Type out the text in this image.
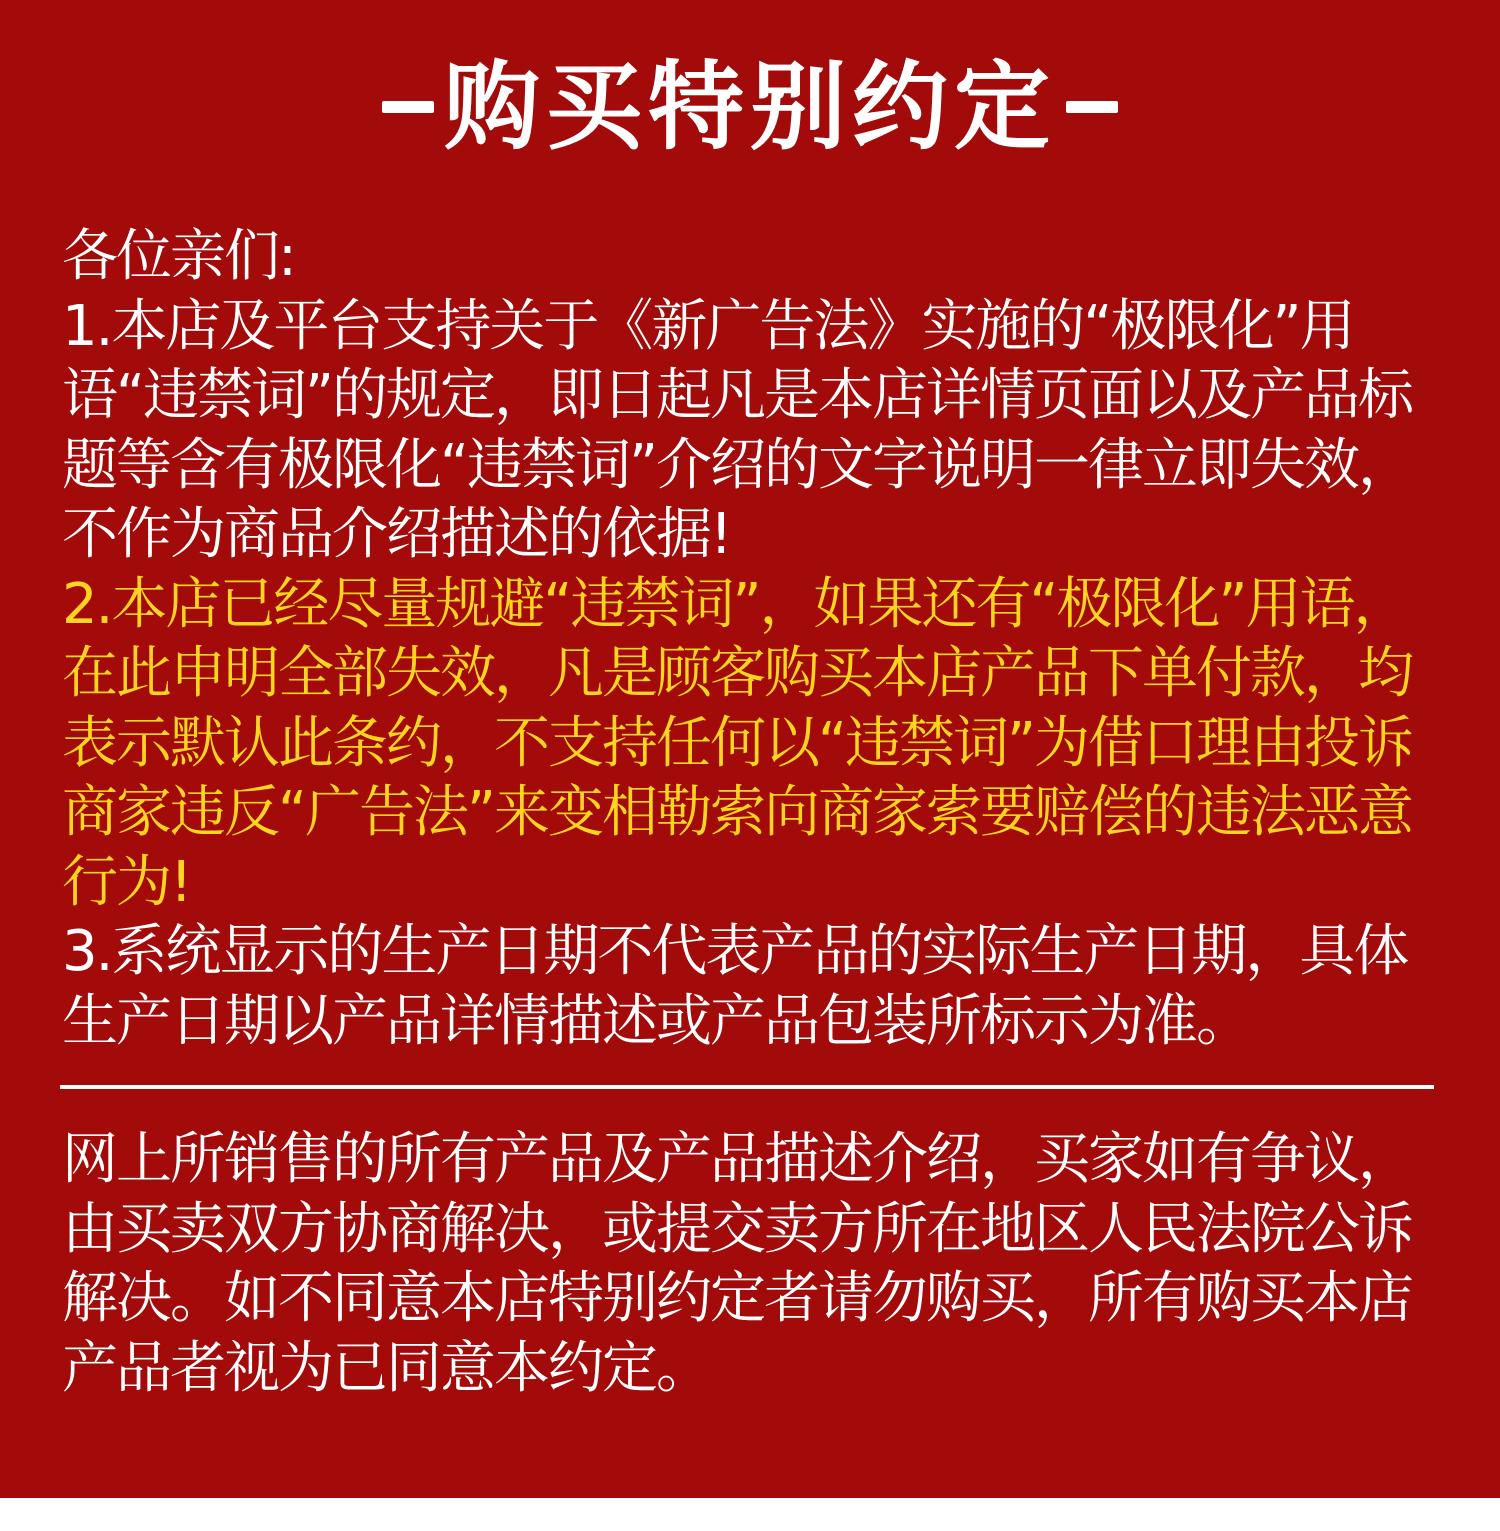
购买特别约定

各位亲们:

1.本店及平台支持关于《新广告法》实施的“极限化”用语“违禁词”的规定，即日起凡是本店详情页面以及产品标题等含有极限化“违禁词”介绍的文字说明一律立即失效，不作为商品介绍描述的依据!

2.本店已经尽量规避“违禁词”，如果还有“极限化”用语，在此申明全部失效，凡是顾客购买本店产品下单付款，均表示默认此条约，不支持任何以“违禁词”为借口理由投诉商家违反“广告法”来变相勒索向商家索要赔偿的违法恶意行为!

3.系统显示的生产日期不代表产品的实际生产日期，具体生产日期以产品详情描述或产品包装所标示为准。

网上所销售的所有产品及产品描述介绍，买家如有争议，由买卖双方协商解决，或提交卖方所在地区人民法院公诉解决。如不同意本店特别约定者请勿购买，所有购买本店产品者视为已同意本约定。
